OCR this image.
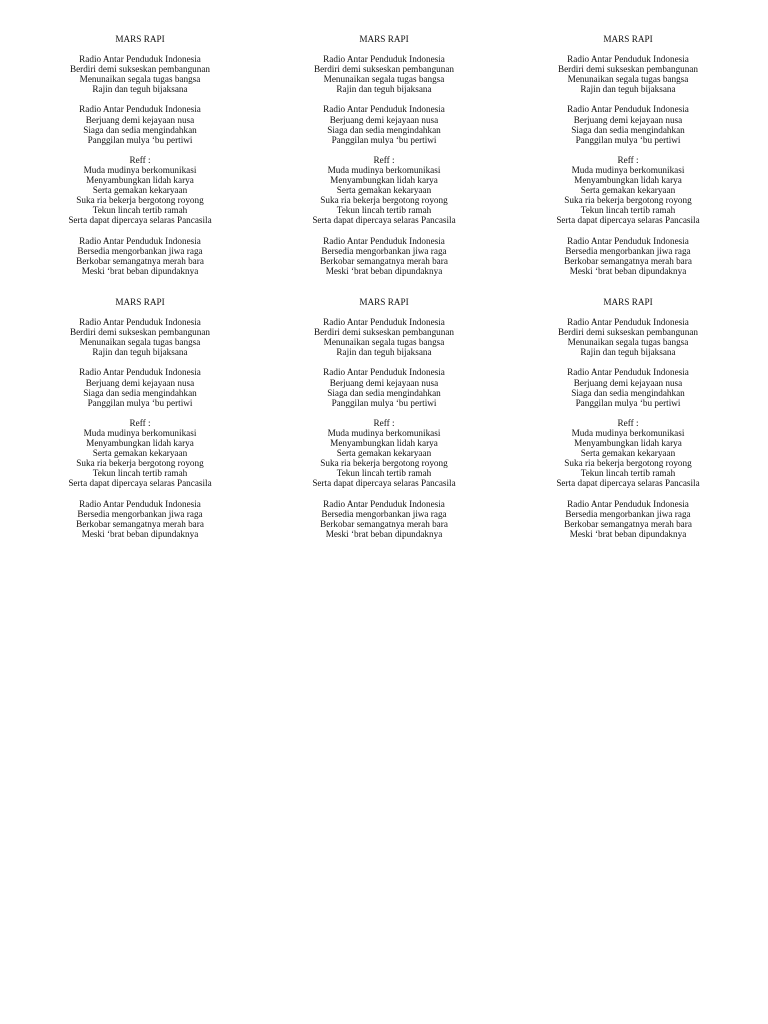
MARS RAPI
Radio Antar Penduduk Indonesia
Berdiri demi sukseskan pembangunan
Menunaikan segala tugas bangsa
Rajin dan teguh bijaksana
Radio Antar Penduduk Indonesia
Berjuang demi kejayaan nusa
Siaga dan sedia mengindahkan
Panggilan mulya ‘bu pertiwi
Reff :
Muda mudinya berkomunikasi
Menyambungkan lidah karya
Serta gemakan kekaryaan
Suka ria bekerja bergotong royong
Tekun lincah tertib ramah
Serta dapat dipercaya selaras Pancasila
Radio Antar Penduduk Indonesia
Bersedia mengorbankan jiwa raga
Berkobar semangatnya merah bara
Meski ‘brat beban dipundaknya
MARS RAPI
Radio Antar Penduduk Indonesia
Berdiri demi sukseskan pembangunan
Menunaikan segala tugas bangsa
Rajin dan teguh bijaksana
Radio Antar Penduduk Indonesia
Berjuang demi kejayaan nusa
Siaga dan sedia mengindahkan
Panggilan mulya ‘bu pertiwi
Reff :
Muda mudinya berkomunikasi
Menyambungkan lidah karya
Serta gemakan kekaryaan
Suka ria bekerja bergotong royong
Tekun lincah tertib ramah
Serta dapat dipercaya selaras Pancasila
Radio Antar Penduduk Indonesia
Bersedia mengorbankan jiwa raga
Berkobar semangatnya merah bara
Meski ‘brat beban dipundaknya
MARS RAPI
Radio Antar Penduduk Indonesia
Berdiri demi sukseskan pembangunan
Menunaikan segala tugas bangsa
Rajin dan teguh bijaksana
Radio Antar Penduduk Indonesia
Berjuang demi kejayaan nusa
Siaga dan sedia mengindahkan
Panggilan mulya ‘bu pertiwi
Reff :
Muda mudinya berkomunikasi
Menyambungkan lidah karya
Serta gemakan kekaryaan
Suka ria bekerja bergotong royong
Tekun lincah tertib ramah
Serta dapat dipercaya selaras Pancasila
Radio Antar Penduduk Indonesia
Bersedia mengorbankan jiwa raga
Berkobar semangatnya merah bara
Meski ‘brat beban dipundaknya
MARS RAPI
Radio Antar Penduduk Indonesia
Berdiri demi sukseskan pembangunan
Menunaikan segala tugas bangsa
Rajin dan teguh bijaksana
Radio Antar Penduduk Indonesia
Berjuang demi kejayaan nusa
Siaga dan sedia mengindahkan
Panggilan mulya ‘bu pertiwi
Reff :
Muda mudinya berkomunikasi
Menyambungkan lidah karya
Serta gemakan kekaryaan
Suka ria bekerja bergotong royong
Tekun lincah tertib ramah
Serta dapat dipercaya selaras Pancasila
Radio Antar Penduduk Indonesia
Bersedia mengorbankan jiwa raga
Berkobar semangatnya merah bara
Meski ‘brat beban dipundaknya
MARS RAPI
Radio Antar Penduduk Indonesia
Berdiri demi sukseskan pembangunan
Menunaikan segala tugas bangsa
Rajin dan teguh bijaksana
Radio Antar Penduduk Indonesia
Berjuang demi kejayaan nusa
Siaga dan sedia mengindahkan
Panggilan mulya ‘bu pertiwi
Reff :
Muda mudinya berkomunikasi
Menyambungkan lidah karya
Serta gemakan kekaryaan
Suka ria bekerja bergotong royong
Tekun lincah tertib ramah
Serta dapat dipercaya selaras Pancasila
Radio Antar Penduduk Indonesia
Bersedia mengorbankan jiwa raga
Berkobar semangatnya merah bara
Meski ‘brat beban dipundaknya
MARS RAPI
Radio Antar Penduduk Indonesia
Berdiri demi sukseskan pembangunan
Menunaikan segala tugas bangsa
Rajin dan teguh bijaksana
Radio Antar Penduduk Indonesia
Berjuang demi kejayaan nusa
Siaga dan sedia mengindahkan
Panggilan mulya ‘bu pertiwi
Reff :
Muda mudinya berkomunikasi
Menyambungkan lidah karya
Serta gemakan kekaryaan
Suka ria bekerja bergotong royong
Tekun lincah tertib ramah
Serta dapat dipercaya selaras Pancasila
Radio Antar Penduduk Indonesia
Bersedia mengorbankan jiwa raga
Berkobar semangatnya merah bara
Meski ‘brat beban dipundaknya
